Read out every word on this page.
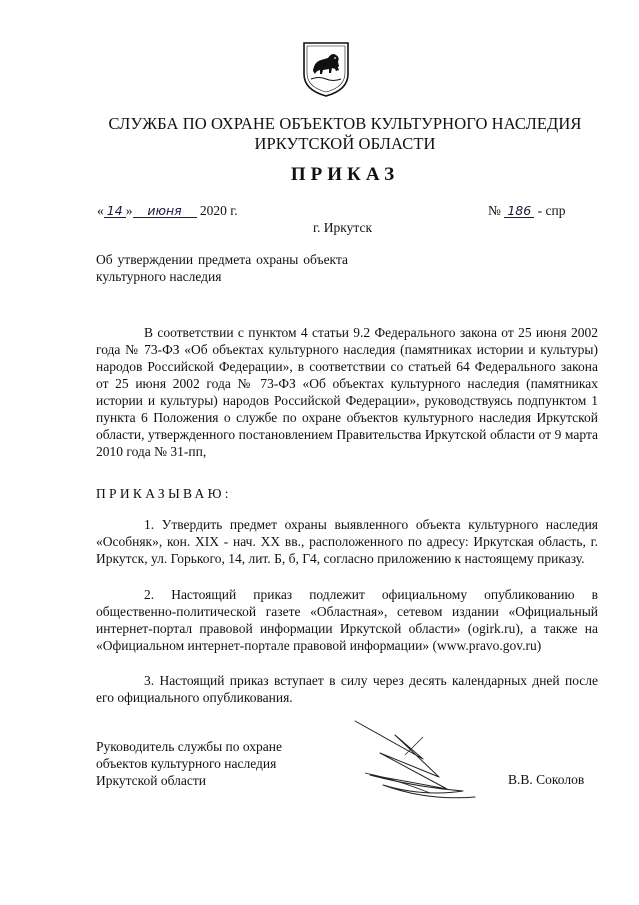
СЛУЖБА ПО ОХРАНЕ ОБЪЕКТОВ КУЛЬТУРНОГО НАСЛЕДИЯ ИРКУТСКОЙ ОБЛАСТИ
ПРИКАЗ
« 14 » июня 2020 г.	№ 186 - спр
г. Иркутск
Об утверждении предмета охраны объекта культурного наследия

В соответствии с пунктом 4 статьи 9.2 Федерального закона от 25 июня 2002 года № 73-ФЗ «Об объектах культурного наследия (памятниках истории и культуры) народов Российской Федерации», в соответствии со статьей 64 Федерального закона от 25 июня 2002 года № 73-ФЗ «Об объектах культурного наследия (памятниках истории и культуры) народов Российской Федерации», руководствуясь подпунктом 1 пункта 6 Положения о службе по охране объектов культурного наследия Иркутской области, утвержденного постановлением Правительства Иркутской области от 9 марта 2010 года № 31-пп,

ПРИКАЗЫВАЮ:

1. Утвердить предмет охраны выявленного объекта культурного наследия «Особняк», кон. XIX - нач. XX вв., расположенного по адресу: Иркутская область, г. Иркутск, ул. Горького, 14, лит. Б, б, Г4, согласно приложению к настоящему приказу.

2. Настоящий приказ подлежит официальному опубликованию в общественно-политической газете «Областная», сетевом издании «Официальный интернет-портал правовой информации Иркутской области» (ogirk.ru), а также на «Официальном интернет-портале правовой информации» (www.pravo.gov.ru)

3. Настоящий приказ вступает в силу через десять календарных дней после его официального опубликования.

Руководитель службы по охране
объектов культурного наследия
Иркутской области	В.В. Соколов
